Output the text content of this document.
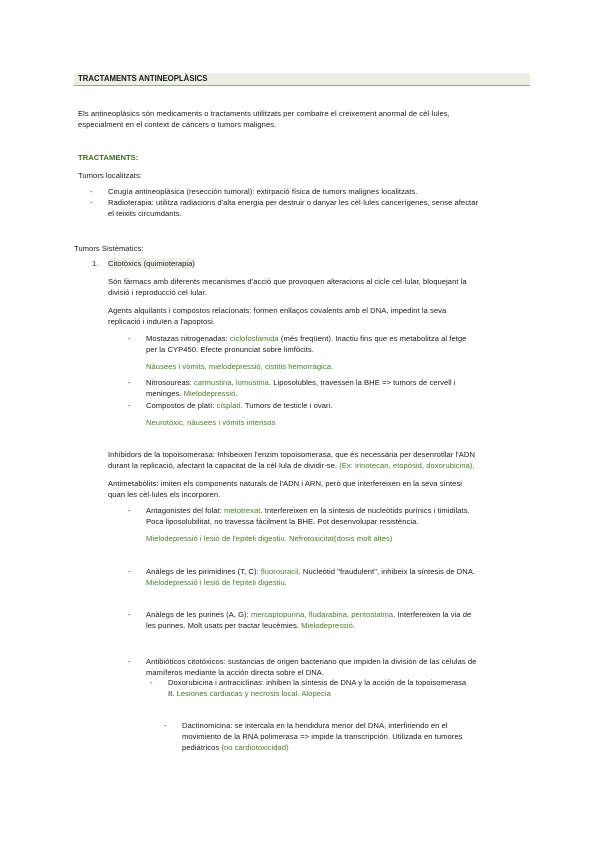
TRACTAMENTS ANTINEOPLÀSICS
Els antineoplàsics són medicaments o tractaments utilitzats per combatre el creixement anormal de cèl·lules,
especialment en el context de càncers o tumors malignes.
TRACTAMENTS:
Tumors localitzats:
- Cirugía antineoplàsica (resección tumoral): extirpació física de tumors malignes localitzats.
- Radioterapia: utilitza radiacions d'alta energia per destruir o danyar les cèl·lules cancerígenes, sense afectar
el teixits circumdants.
Tumors Sistèmatics:
1. Citotòxics (quimioterapia)
Són fàrmacs amb diferents mecanismes d'acció que provoquen alteracions al cicle cel·lular, bloquejant la
divisió i reproducció cel·lular.
Agents alquilants i compostos relacionats: formen enllaços covalents amb el DNA, impedint la seva
replicació i induïen a l'apoptosi.
- Mostazas nitrogenadas: ciclofosfamida (més freqüent). Inactiu fins que es metabolitza al fetge
per la CYP450. Efecte pronunciat sobre limfòcits.
Nàusees i vòmits, mielodepressió, cistitis hemorràgica.
- Nitrosoureas: carmustina, lomustina. Liposolubles, travessen la BHE => tumors de cervell i
meninges. Mielodepressió.
- Compostos de platí: cisplatí. Tumors de testicle i ovari.
Neurotòxic, nàusees i vòmits intensos
Inhibidors de la topoisomerasa: Inhibeixen l'enzim topoisomerasa, que és necessària per desenrotllar l'ADN
durant la replicació, afectant la capacitat de la cèl·lula de dividir-se. (Ex: irinotecan, etopòsid, doxorubicina).
Antimetabòlits: imiten els components naturals de l'ADN i ARN, però que interfereixen en la seva síntesi
quan les cèl·lules els incorporen.
- Antagonistes del folat: metotrexat. Interfereixen en la síntesis de nucleòtids purínics i timidilats.
Poca liposolubilitat, no travessa fàcilment la BHE. Pot desenvolupar resistència.
Mielodepressió i lesió de l'epiteli digestiu. Nefrotoxicitat(dosis molt altes)
- Anàlegs de les pirimidines (T, C): fluorouracil. Nucleòtid "fraudulent", inhibeix la síntesis de DNA.
Mielodepressió i lesió de l'epiteli digestiu.
- Anàlegs de les purines (A, G): mercaptopurina, fludarabina, pentostatina. Interfereixen la via de
les purines. Molt usats per tractar leucèmies. Mielodepressió.
- Antibióticos citotóxicos: sustancias de origen bacteriano que impiden la división de las células de
mamíferos mediante la acción directa sobre el DNA.
- Doxorubicina i antraciclinas: inhiben la síntesis de DNA y la acción de la topoisomerasa
II. Lesiones cardiacas y necrosis local. Alopecia
- Dactinomicina: se intercala en la hendidura menor del DNA, interfiriendo en el
movimiento de la RNA polimerasa => impide la transcripción. Utilizada en tumores
pediátricos (no cardiotoxicidad)
